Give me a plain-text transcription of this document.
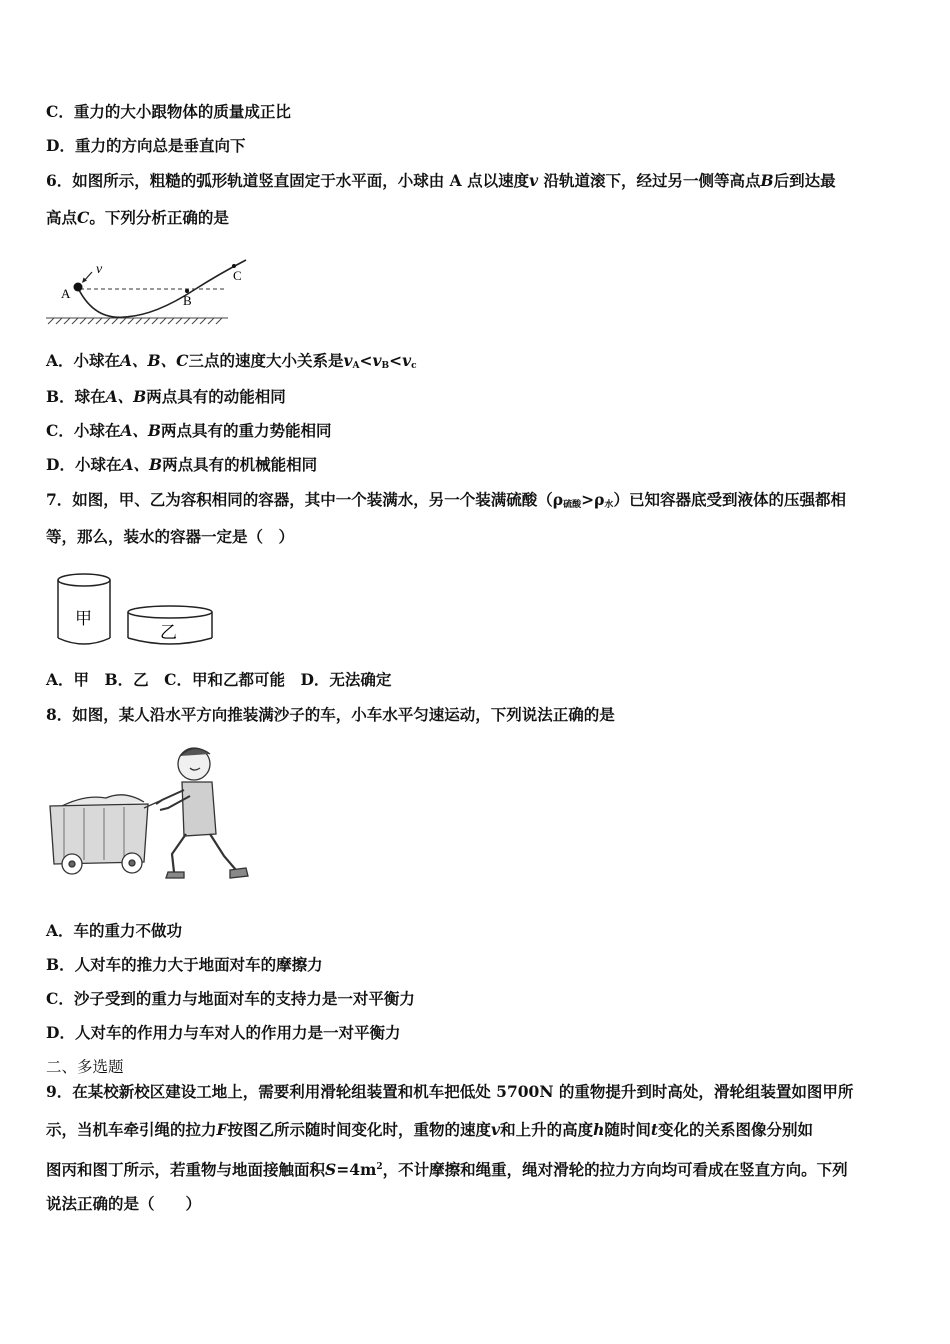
C．重力的大小跟物体的质量成正比
D．重力的方向总是垂直向下
6．如图所示，粗糙的弧形轨道竖直固定于水平面，小球由 A 点以速度v 沿轨道滚下，经过另一侧等高点B后到达最
高点C。下列分析正确的是
v
A	B
C
A．小球在A、B、C三点的速度大小关系是$v_A<v_B<v_c$
B．球在A、B两点具有的动能相同
C．小球在A、B两点具有的重力势能相同
D．小球在A、B两点具有的机械能相同
7．如图，甲、乙为容积相同的容器，其中一个装满水，另一个装满硫酸$(\rho_{硫酸}>\rho_水)$已知容器底受到液体的压强都相
等，那么，装水的容器一定是（　）
甲
乙
A．甲　B．乙　C．甲和乙都可能　D．无法确定
8．如图，某人沿水平方向推装满沙子的车，小车水平匀速运动，下列说法正确的是
A．车的重力不做功
B．人对车的推力大于地面对车的摩擦力
C．沙子受到的重力与地面对车的支持力是一对平衡力
D．人对车的作用力与车对人的作用力是一对平衡力
二、多选题
9．在某校新校区建设工地上，需要利用滑轮组装置和机车把低处 5700N 的重物提升到时高处，滑轮组装置如图甲所
示，当机车牵引绳的拉力F按图乙所示随时间变化时，重物的速度v和上升的高度h随时间t变化的关系图像分别如
图丙和图丁所示，若重物与地面接触面积$S=4m^2$，不计摩擦和绳重，绳对滑轮的拉力方向均可看成在竖直方向。下列
说法正确的是（　　）
